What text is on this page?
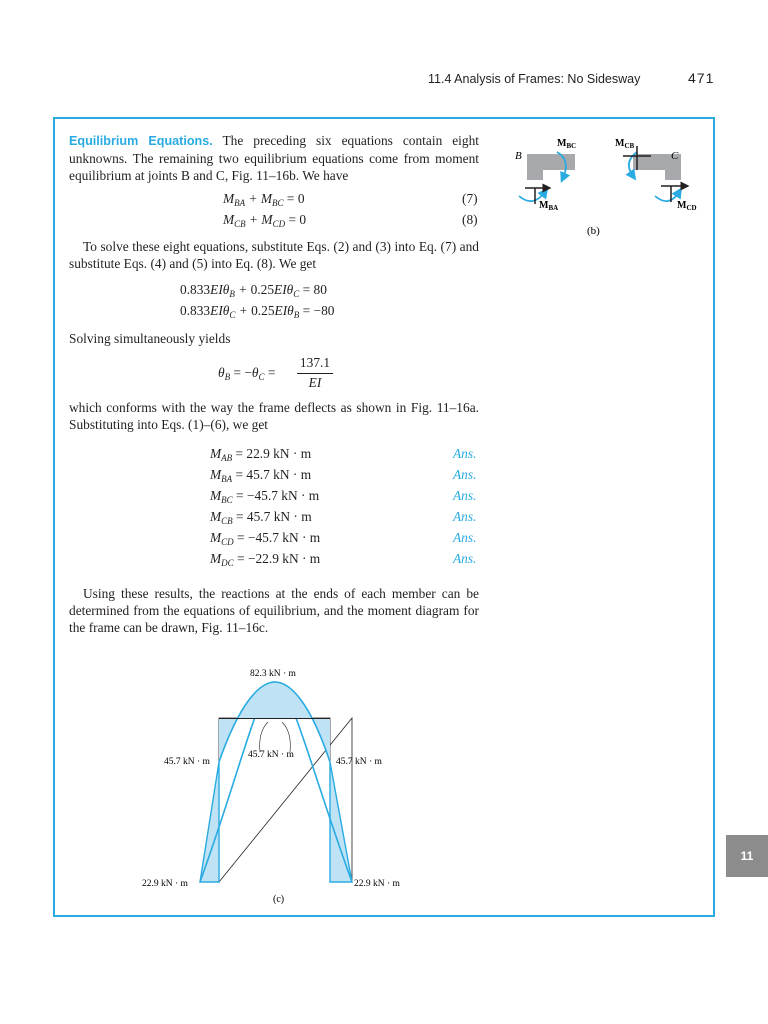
11.4 Analysis of Frames: No Sidesway	471
11
Equilibrium Equations. The preceding six equations contain eight unknowns. The remaining two equilibrium equations come from moment equilibrium at joints B and C, Fig. 11–16b. We have
$M_{BA} + M_{BC} = 0$	(7)
$M_{CB} + M_{CD} = 0$	(8)
To solve these eight equations, substitute Eqs. (2) and (3) into Eq. (7) and substitute Eqs. (4) and (5) into Eq. (8). We get
0.833EIθ$_B$ + 0.25EIθ$_C$ = 80
0.833EIθ$_C$ + 0.25EIθ$_B$ = −80
Solving simultaneously yields
$\theta_B = -\theta_C$ =
137.1
EI
which conforms with the way the frame deflects as shown in Fig. 11–16a. Substituting into Eqs. (1)–(6), we get
$M_{AB} = 22.9$ kN · m	Ans.
$M_{BA} = 45.7$ kN · m	Ans.
$M_{BC} = -45.7$ kN · m	Ans.
$M_{CB} = 45.7$ kN · m	Ans.
$M_{CD} = -45.7$ kN · m	Ans.
$M_{DC} = -22.9$ kN · m	Ans.
Using these results, the reactions at the ends of each member can be determined from the equations of equilibrium, and the moment diagram for the frame can be drawn, Fig. 11–16c.
B
$M_{BC}$
$M_{BA}$
C
$M_{CB}$
$M_{CD}$
(b)
82.3 kN · m
45.7 kN · m
45.7 kN · m
45.7 kN · m
22.9 kN · m	22.9 kN · m
(c)
